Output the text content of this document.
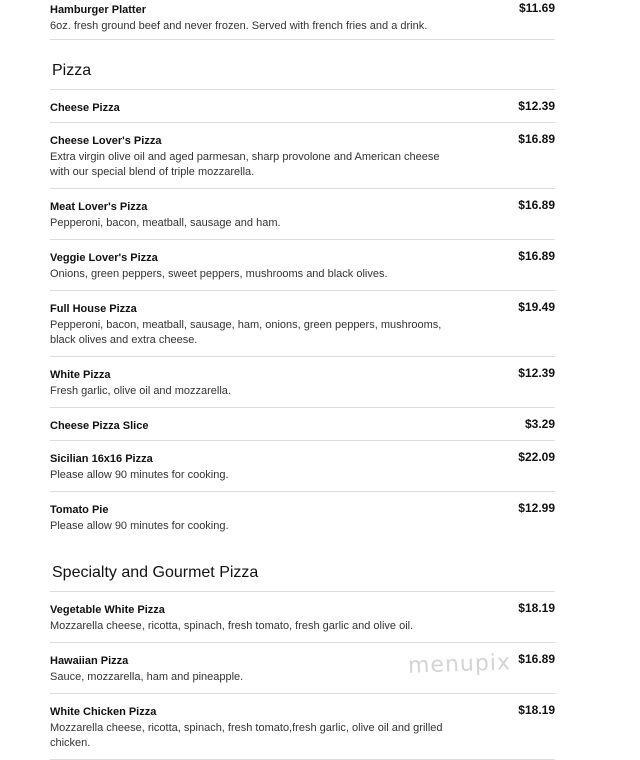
Hamburger Platter	$11.69
6oz. fresh ground beef and never frozen. Served with french fries and a drink.
Pizza
Cheese Pizza	$12.39
Cheese Lover's Pizza	$16.89
Extra virgin olive oil and aged parmesan, sharp provolone and American cheese with our special blend of triple mozzarella.
Meat Lover's Pizza	$16.89
Pepperoni, bacon, meatball, sausage and ham.
Veggie Lover's Pizza	$16.89
Onions, green peppers, sweet peppers, mushrooms and black olives.
Full House Pizza	$19.49
Pepperoni, bacon, meatball, sausage, ham, onions, green peppers, mushrooms, black olives and extra cheese.
White Pizza	$12.39
Fresh garlic, olive oil and mozzarella.
Cheese Pizza Slice	$3.29
Sicilian 16x16 Pizza	$22.09
Please allow 90 minutes for cooking.
Tomato Pie	$12.99
Please allow 90 minutes for cooking.
Specialty and Gourmet Pizza
Vegetable White Pizza	$18.19
Mozzarella cheese, ricotta, spinach, fresh tomato, fresh garlic and olive oil.
Hawaiian Pizza	$16.89
Sauce, mozzarella, ham and pineapple.
White Chicken Pizza	$18.19
Mozzarella cheese, ricotta, spinach, fresh tomato,fresh garlic, olive oil and grilled chicken.
menupix
